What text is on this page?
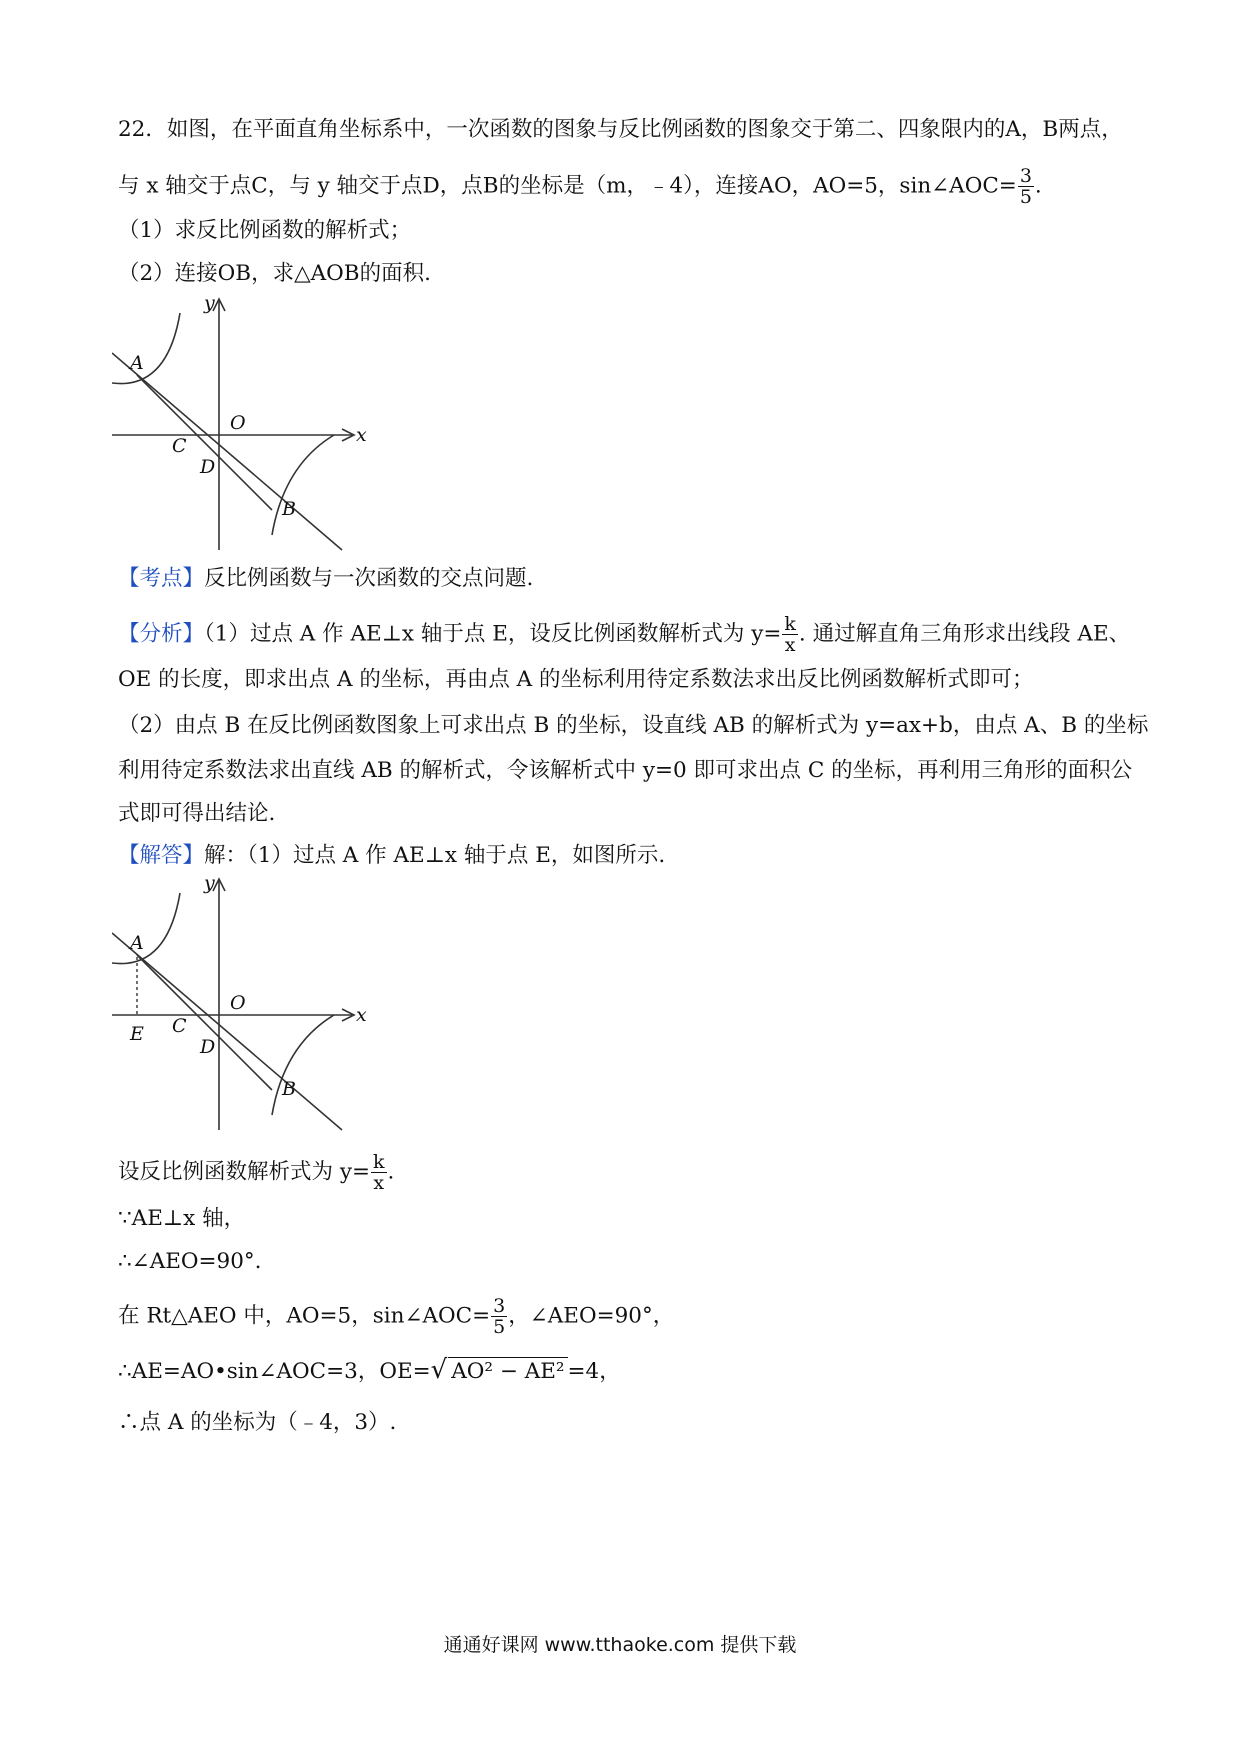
22．如图，在平面直角坐标系中，一次函数的图象与反比例函数的图象交于第二、四象限内的A，B两点，
与 x 轴交于点C，与 y 轴交于点D，点B的坐标是（m，﹣4），连接AO，AO=5，sin∠AOC= $\frac{3}{5}$ .
（1）求反比例函数的解析式；
（2）连接OB，求△AOB的面积.
y
x
O
A
C
D
B
【考点】反比例函数与一次函数的交点问题.
【分析】（1）过点 A 作 AE⊥x 轴于点 E，设反比例函数解析式为 $y= \frac{k}{x}$ . 通过解直角三角形求出线段 AE、
OE 的长度，即求出点 A 的坐标，再由点 A 的坐标利用待定系数法求出反比例函数解析式即可；
（2）由点 B 在反比例函数图象上可求出点 B 的坐标，设直线 AB 的解析式为 y=ax+b，由点 A、B 的坐标
利用待定系数法求出直线 AB 的解析式，令该解析式中 y=0 即可求出点 C 的坐标，再利用三角形的面积公
式即可得出结论.
【解答】解：（1）过点 A 作 AE⊥x 轴于点 E，如图所示.
y
x
O
A
E C
D
B
设反比例函数解析式为 $y= \frac{k}{x}$ .
∵AE⊥x 轴，
∴∠AEO=90°.
在 Rt△AEO 中，AO=5，sin∠AOC= $\frac{3}{5}$ ，∠AEO=90°，
∴AE=AO•sin∠AOC=3，OE=√ AO² − AE² =4，
∴点 A 的坐标为（﹣4，3）.
通通好课网 www.tthaoke.com 提供下载
